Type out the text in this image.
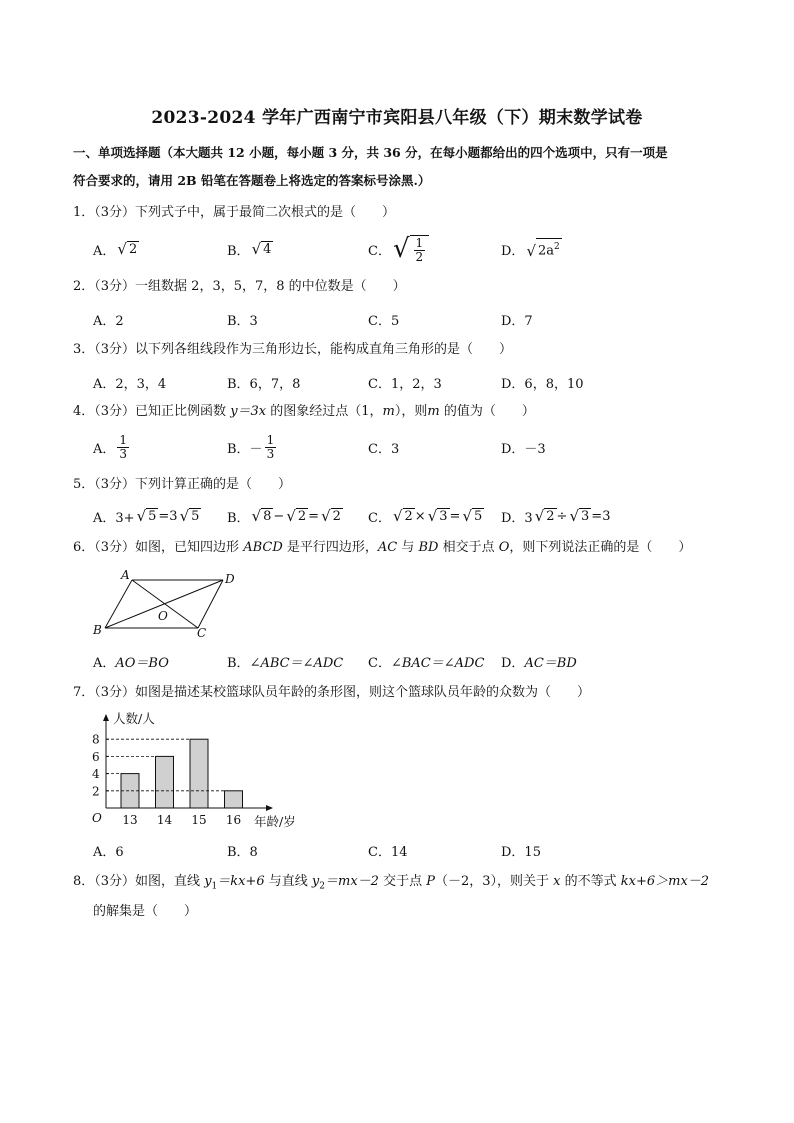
2023-2024 学年广西南宁市宾阳县八年级（下）期末数学试卷
一、单项选择题（本大题共 12 小题，每小题 3 分，共 36 分，在每小题都给出的四个选项中，只有一项是
符合要求的，请用 2B 铅笔在答题卷上将选定的答案标号涂黑.）
1．（3分）下列式子中，属于最简二次根式的是（　　）
A． √ 2	B． √ 4	C． √ $\frac{1}{2}$	D． √ $2a^2$
2．（3分）一组数据 2，3，5，7，8 的中位数是（　　）
A．2	B．3	C．5	D．7
3．（3分）以下列各组线段作为三角形边长，能构成直角三角形的是（　　）
A．2，3，4	B．6，7，8	C．1，2，3	D．6，8，10
4．（3分）已知正比例函数 y＝3x 的图象经过点（1，m），则m 的值为（　　）
A． $\frac{1}{3}$	B．－ $\frac{1}{3}$	C．3	D．－3
5．（3分）下列计算正确的是（　　）
A．3+ √ 5 =3 √ 5 B． √ 8 − √ 2 = √ 2 C． √ 2 × √ 3 = √ 5 D．3 √ 2 ÷ √ 3 =3
6．（3分）如图，已知四边形 ABCD 是平行四边形，AC 与 BD 相交于点 O，则下列说法正确的是（　　）
A	D
B	C
O
A． AO＝BO	B． ∠ABC＝∠ADC C． ∠BAC＝∠ADC D． AC＝BD
7．（3分）如图是描述某校篮球队员年龄的条形图，则这个篮球队员年龄的众数为（　　）
人数/人
年龄/岁
O
2
4
6
8
13 14 15 16
A．6	B．8	C．14	D．15
8．（3分）如图，直线 $y_1=kx+6$ 与直线 $y_2=mx-2$ 交于点 P（－2，3），则关于 x 的不等式 kx+6＞mx－2
的解集是（　　）
